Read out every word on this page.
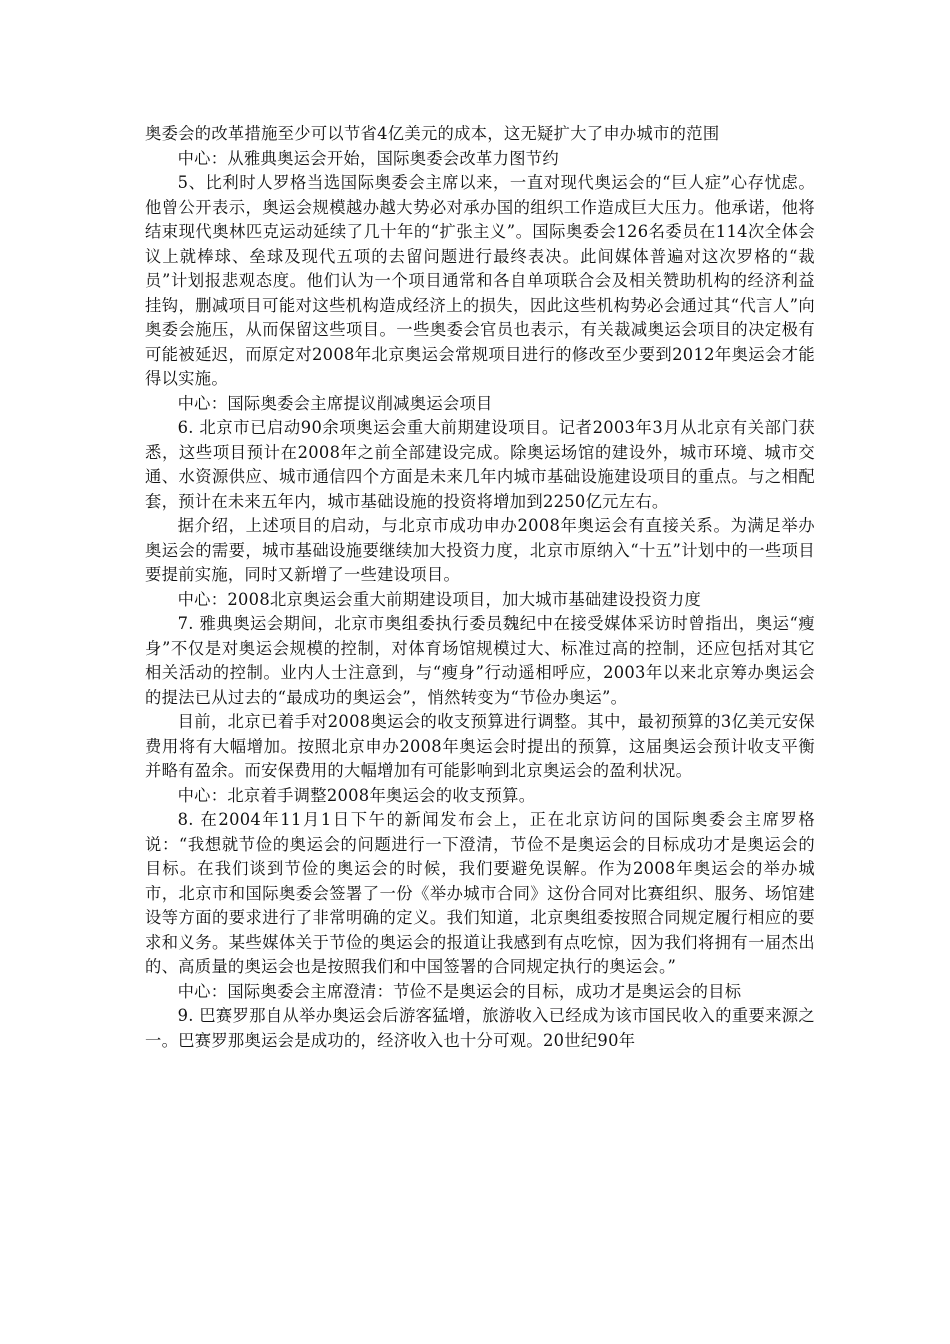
奥委会的改革措施至少可以节省4亿美元的成本，这无疑扩大了申办城市的范围

中心：从雅典奥运会开始，国际奥委会改革力图节约

5、比利时人罗格当选国际奥委会主席以来，一直对现代奥运会的“巨人症”心存忧虑。他曾公开表示，奥运会规模越办越大势必对承办国的组织工作造成巨大压力。他承诺，他将结束现代奥林匹克运动延续了几十年的“扩张主义”。国际奥委会126名委员在114次全体会议上就棒球、垒球及现代五项的去留问题进行最终表决。此间媒体普遍对这次罗格的“裁员”计划报悲观态度。他们认为一个项目通常和各自单项联合会及相关赞助机构的经济利益挂钩，删减项目可能对这些机构造成经济上的损失，因此这些机构势必会通过其“代言人”向奥委会施压，从而保留这些项目。一些奥委会官员也表示，有关裁减奥运会项目的决定极有可能被延迟，而原定对2008年北京奥运会常规项目进行的修改至少要到2012年奥运会才能得以实施。

中心：国际奥委会主席提议削减奥运会项目

6. 北京市已启动90余项奥运会重大前期建设项目。记者2003年3月从北京有关部门获悉，这些项目预计在2008年之前全部建设完成。除奥运场馆的建设外，城市环境、城市交通、水资源供应、城市通信四个方面是未来几年内城市基础设施建设项目的重点。与之相配套，预计在未来五年内，城市基础设施的投资将增加到2250亿元左右。

据介绍，上述项目的启动，与北京市成功申办2008年奥运会有直接关系。为满足举办奥运会的需要，城市基础设施要继续加大投资力度，北京市原纳入“十五”计划中的一些项目要提前实施，同时又新增了一些建设项目。

中心：2008北京奥运会重大前期建设项目，加大城市基础建设投资力度

7. 雅典奥运会期间，北京市奥组委执行委员魏纪中在接受媒体采访时曾指出，奥运“瘦身”不仅是对奥运会规模的控制，对体育场馆规模过大、标准过高的控制，还应包括对其它相关活动的控制。业内人士注意到，与“瘦身”行动遥相呼应，2003年以来北京筹办奥运会的提法已从过去的“最成功的奥运会”，悄然转变为“节俭办奥运”。

目前，北京已着手对2008奥运会的收支预算进行调整。其中，最初预算的3亿美元安保费用将有大幅增加。按照北京申办2008年奥运会时提出的预算，这届奥运会预计收支平衡并略有盈余。而安保费用的大幅增加有可能影响到北京奥运会的盈利状况。

中心：北京着手调整2008年奥运会的收支预算。

8. 在2004年11月1日下午的新闻发布会上，正在北京访问的国际奥委会主席罗格说：“我想就节俭的奥运会的问题进行一下澄清，节俭不是奥运会的目标成功才是奥运会的目标。在我们谈到节俭的奥运会的时候，我们要避免误解。作为2008年奥运会的举办城市，北京市和国际奥委会签署了一份《举办城市合同》这份合同对比赛组织、服务、场馆建设等方面的要求进行了非常明确的定义。我们知道，北京奥组委按照合同规定履行相应的要求和义务。某些媒体关于节俭的奥运会的报道让我感到有点吃惊，因为我们将拥有一届杰出的、高质量的奥运会也是按照我们和中国签署的合同规定执行的奥运会。”

中心：国际奥委会主席澄清：节俭不是奥运会的目标，成功才是奥运会的目标

9. 巴赛罗那自从举办奥运会后游客猛增，旅游收入已经成为该市国民收入的重要来源之一。巴赛罗那奥运会是成功的，经济收入也十分可观。20世纪90年
